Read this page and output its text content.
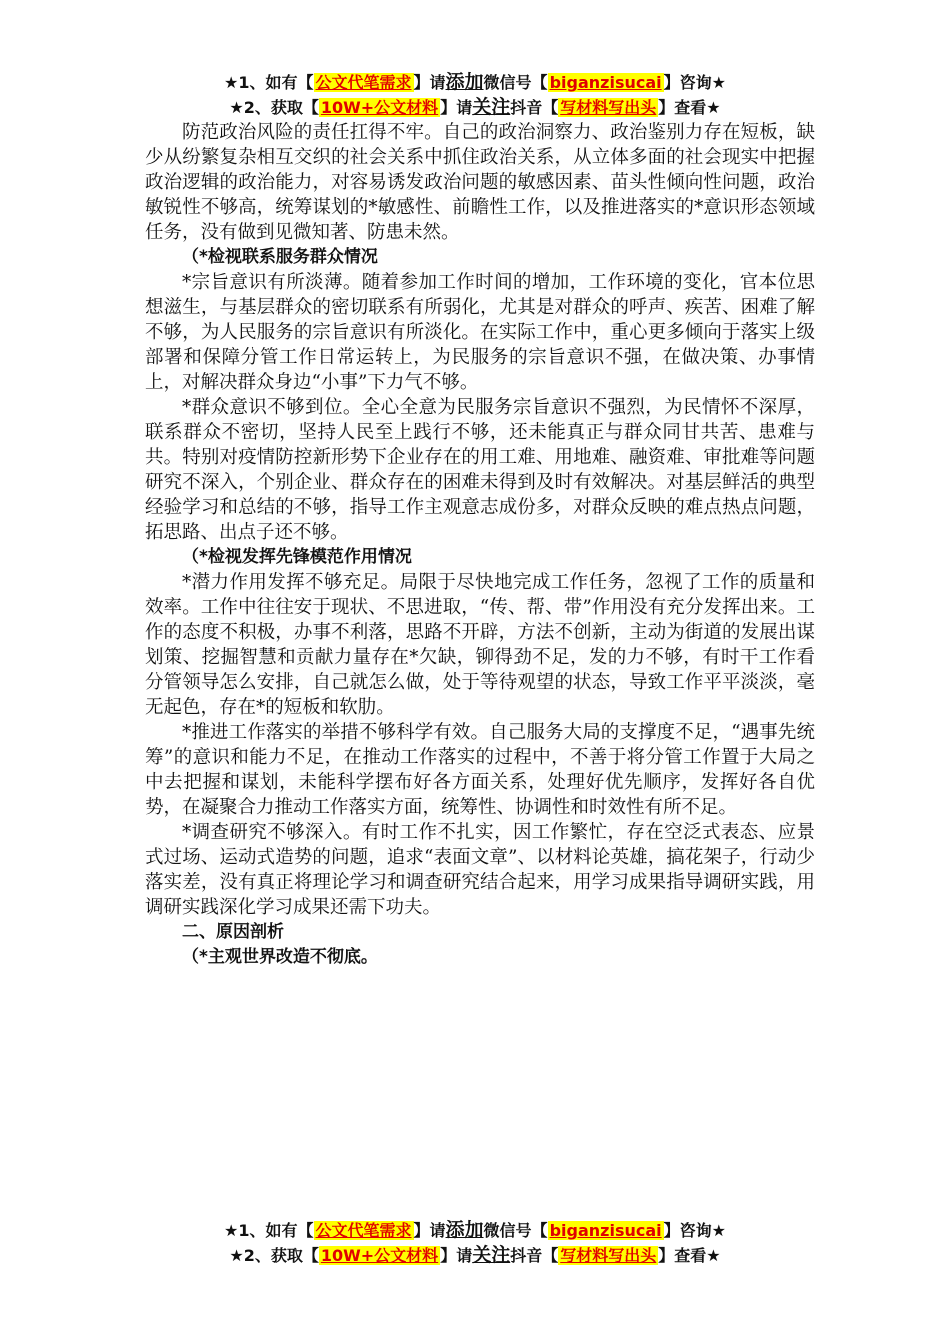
★1、如有【 公文代笔需求 】请添加微信号【 biganzisucai 】咨询★
★2、获取【 10W+公文材料 】请关注抖音【 写材料写出头 】查看★

防范政治风险的责任扛得不牢。自己的政治洞察力、政治鉴别力存在短板，缺少从纷繁复杂相互交织的社会关系中抓住政治关系，从立体多面的社会现实中把握政治逻辑的政治能力，对容易诱发政治问题的敏感因素、苗头性倾向性问题，政治敏锐性不够高，统筹谋划的*敏感性、前瞻性工作，以及推进落实的*意识形态领域任务，没有做到见微知著、防患未然。

（*检视联系服务群众情况

*宗旨意识有所淡薄。随着参加工作时间的增加，工作环境的变化，官本位思想滋生，与基层群众的密切联系有所弱化，尤其是对群众的呼声、疾苦、困难了解不够，为人民服务的宗旨意识有所淡化。在实际工作中，重心更多倾向于落实上级部署和保障分管工作日常运转上，为民服务的宗旨意识不强，在做决策、办事情上，对解决群众身边“小事”下力气不够。

*群众意识不够到位。全心全意为民服务宗旨意识不强烈，为民情怀不深厚，联系群众不密切，坚持人民至上践行不够，还未能真正与群众同甘共苦、患难与共。特别对疫情防控新形势下企业存在的用工难、用地难、融资难、审批难等问题研究不深入，个别企业、群众存在的困难未得到及时有效解决。对基层鲜活的典型经验学习和总结的不够，指导工作主观意志成份多，对群众反映的难点热点问题，拓思路、出点子还不够。

（*检视发挥先锋模范作用情况

*潜力作用发挥不够充足。局限于尽快地完成工作任务，忽视了工作的质量和效率。工作中往往安于现状、不思进取，“传、帮、带”作用没有充分发挥出来。工作的态度不积极，办事不利落，思路不开辟，方法不创新，主动为街道的发展出谋划策、挖掘智慧和贡献力量存在*欠缺，铆得劲不足，发的力不够，有时干工作看分管领导怎么安排，自己就怎么做，处于等待观望的状态，导致工作平平淡淡，毫无起色，存在*的短板和软肋。

*推进工作落实的举措不够科学有效。自己服务大局的支撑度不足，“遇事先统筹”的意识和能力不足，在推动工作落实的过程中，不善于将分管工作置于大局之中去把握和谋划，未能科学摆布好各方面关系，处理好优先顺序，发挥好各自优势，在凝聚合力推动工作落实方面，统筹性、协调性和时效性有所不足。

*调查研究不够深入。有时工作不扎实，因工作繁忙，存在空泛式表态、应景式过场、运动式造势的问题，追求“表面文章”、以材料论英雄，搞花架子，行动少落实差，没有真正将理论学习和调查研究结合起来，用学习成果指导调研实践，用调研实践深化学习成果还需下功夫。

二、原因剖析
（*主观世界改造不彻底。
★1、如有【 公文代笔需求 】请添加微信号【 biganzisucai 】咨询★
★2、获取【 10W+公文材料 】请关注抖音【 写材料写出头 】查看★
